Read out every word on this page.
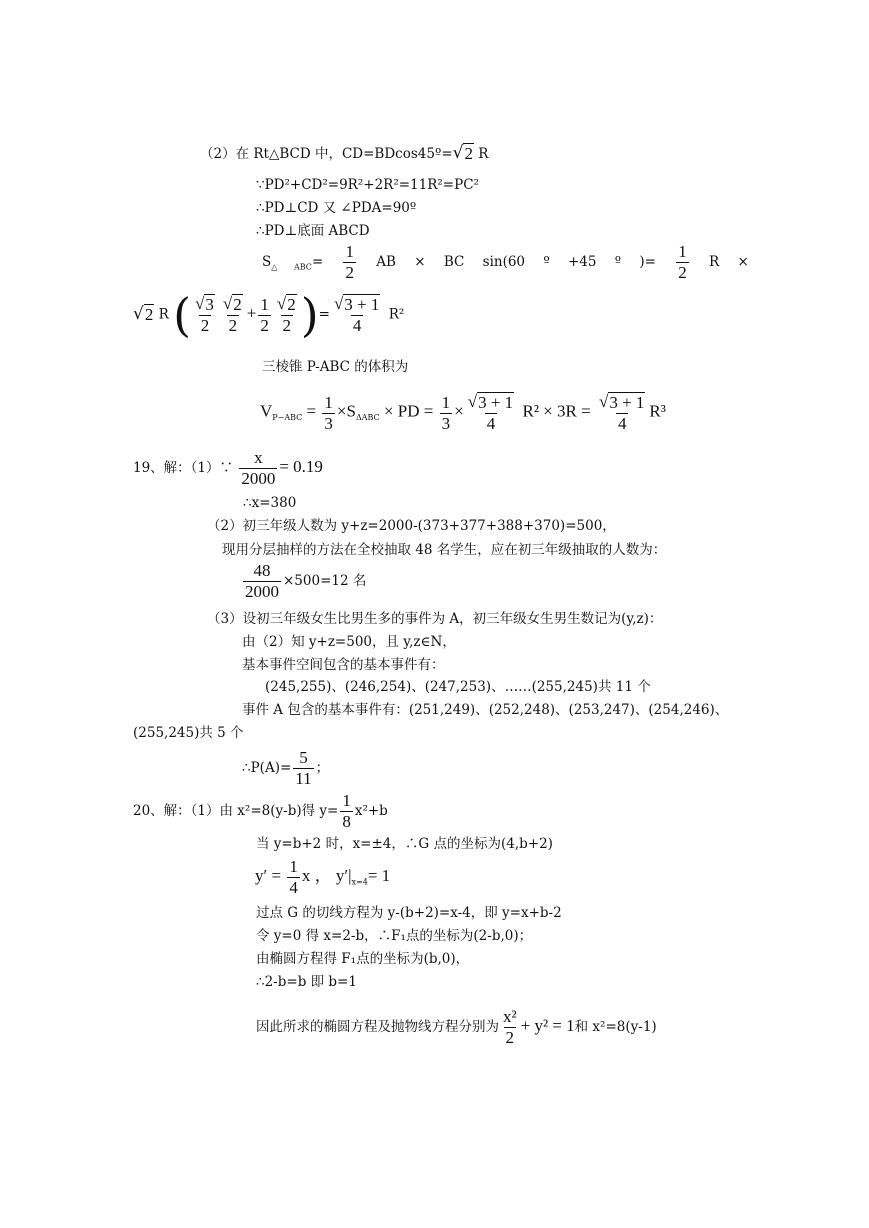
（2）在 Rt△BCD 中，CD=BDcos45º= √ 2 R
∵PD²+CD²=9R²+2R²=11R²=PC²
∴PD⊥CD 又 ∠PDA=90º
∴PD⊥底面 ABCD
$S_{\triangle ABC}= \frac{1}{2}$ AB × BC sin(60 º +45 º )= $\frac{1}{2}$ R ×
√ 2 R ( $\frac{√ 3}{2} \frac{√ 2}{2} + \frac{1}{2} \frac{√ 2}{2}$ )= $\frac{√ 3 + 1}{4} R^2$
三棱锥 P-ABC 的体积为
$V_{P-ABC} = \frac{1}{3} \times S_{\Delta ABC}$ × PD = $\frac{1}{3} \times \frac{√ 3 + 1}{4} R^2 \times 3R = \frac{√ 3 + 1}{4} R^3$
19、解：（1）∵ $\frac{x}{2000} = 0.19$
∴x=380
（2）初三年级人数为 y+z=2000-(373+377+388+370)=500，
现用分层抽样的方法在全校抽取 48 名学生，应在初三年级抽取的人数为：
$\frac{48}{2000} \times 500=12$ 名
（3）设初三年级女生比男生多的事件为 A，初三年级女生男生数记为(y,z)：
由（2）知 y+z=500，且 y,z∈N，
基本事件空间包含的基本事件有：
(245,255)、(246,254)、(247,253)、……(255,245)共 11 个
事件 A 包含的基本事件有：(251,249)、(252,248)、(253,247)、(254,246)、
(255,245)共 5 个
∴P(A)= $\frac{5}{11}$ ；
20、解：（1）由 x²=8(y-b)得 $y= \frac{1}{8} x^2+b$
当 y=b+2 时，x=±4，∴G 点的坐标为(4,b+2)
$y' = \frac{1}{4}$ x ， $y'|_{x=4}= 1$
过点 G 的切线方程为 y-(b+2)=x-4，即 y=x+b-2
令 y=0 得 x=2-b，∴F₁点的坐标为(2-b,0)；
由椭圆方程得 F₁点的坐标为(b,0)，
∴2-b=b 即 b=1
因此所求的椭圆方程及抛物线方程分别为 $\frac{\text{x²}}{2} + y^2 = 1$和 x²=8(y-1)
